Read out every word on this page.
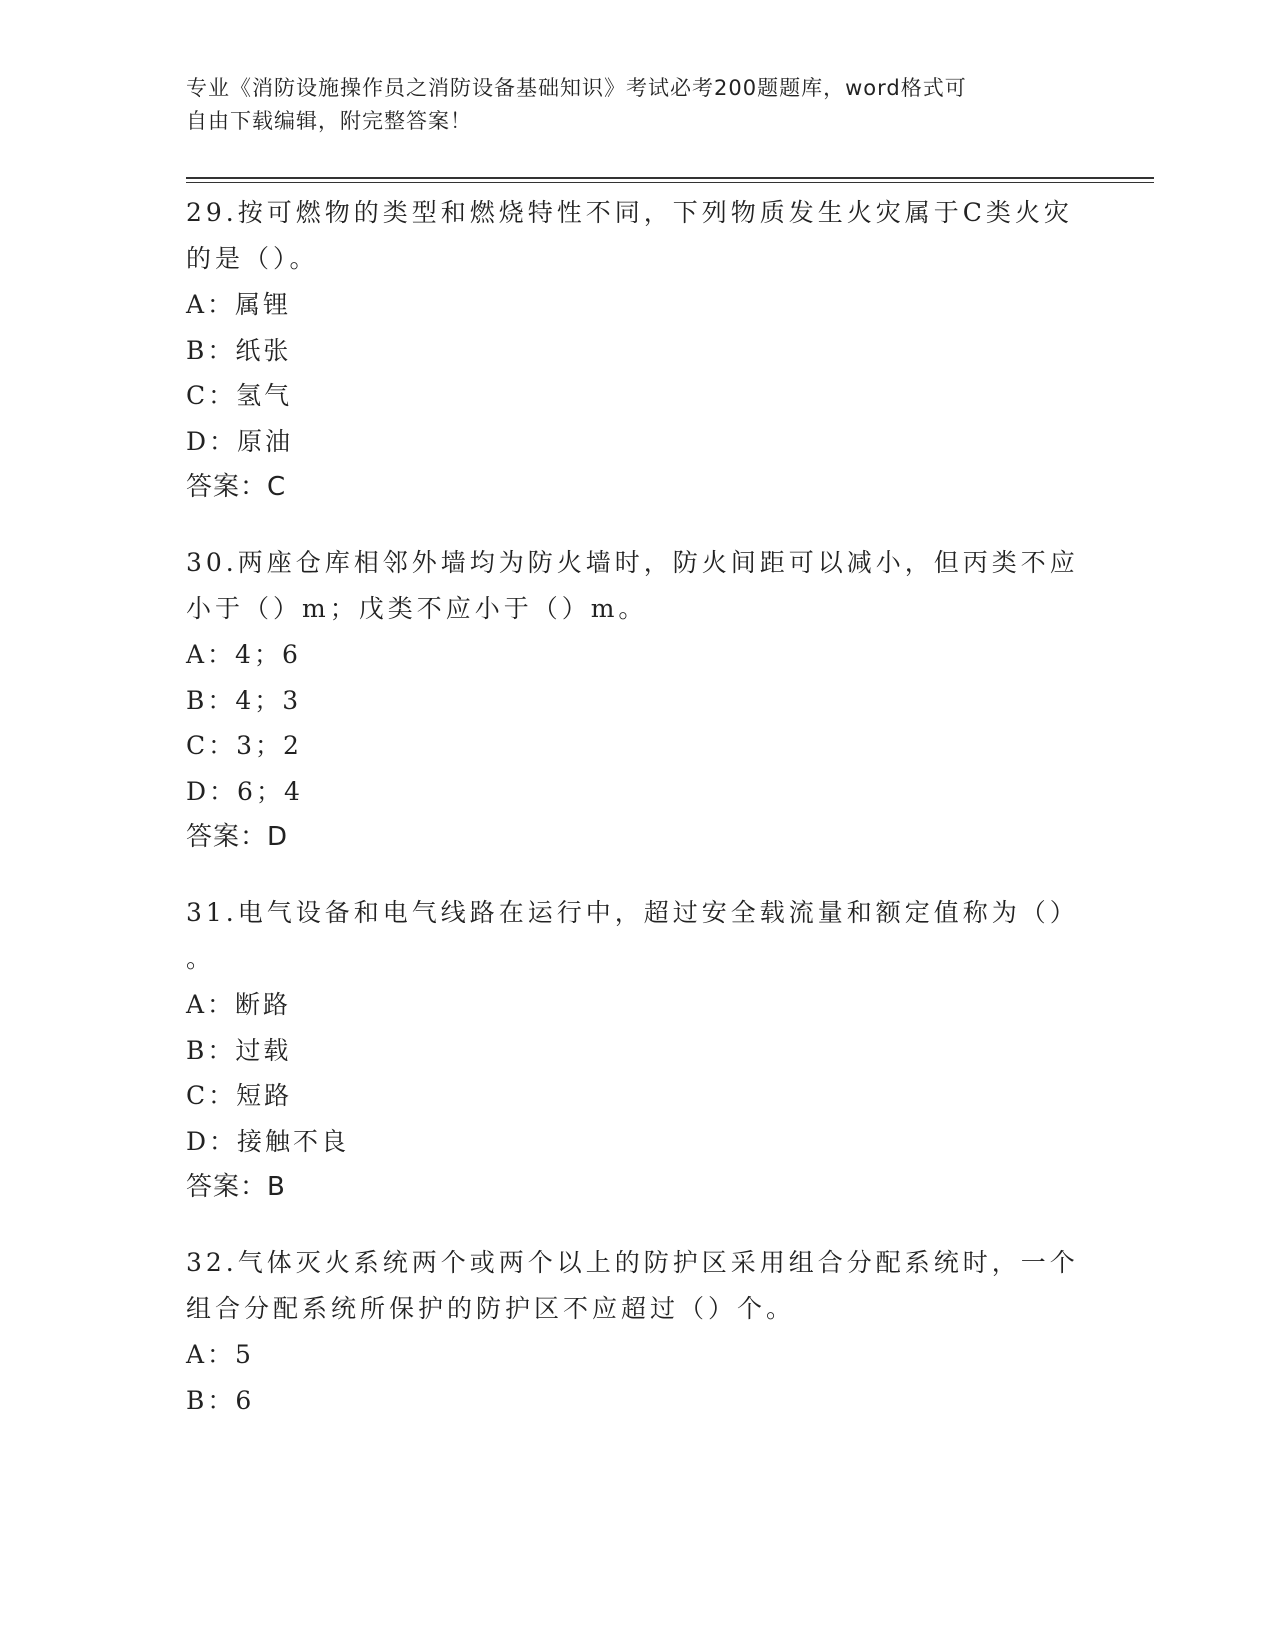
专业《消防设施操作员之消防设备基础知识》考试必考200题题库，word格式可
自由下载编辑，附完整答案！

29.按可燃物的类型和燃烧特性不同，下列物质发生火灾属于C类火灾

的是（）。

A：属锂

B：纸张

C：氢气

D：原油

答案：C

30.两座仓库相邻外墙均为防火墙时，防火间距可以减小，但丙类不应

小于（）m；戊类不应小于（）m。

A：4；6

B：4；3

C：3；2

D：6；4

答案：D

31.电气设备和电气线路在运行中，超过安全载流量和额定值称为（）

。

A：断路

B：过载

C：短路

D：接触不良

答案：B

32.气体灭火系统两个或两个以上的防护区采用组合分配系统时，一个

组合分配系统所保护的防护区不应超过（）个。

A：5

B：6
